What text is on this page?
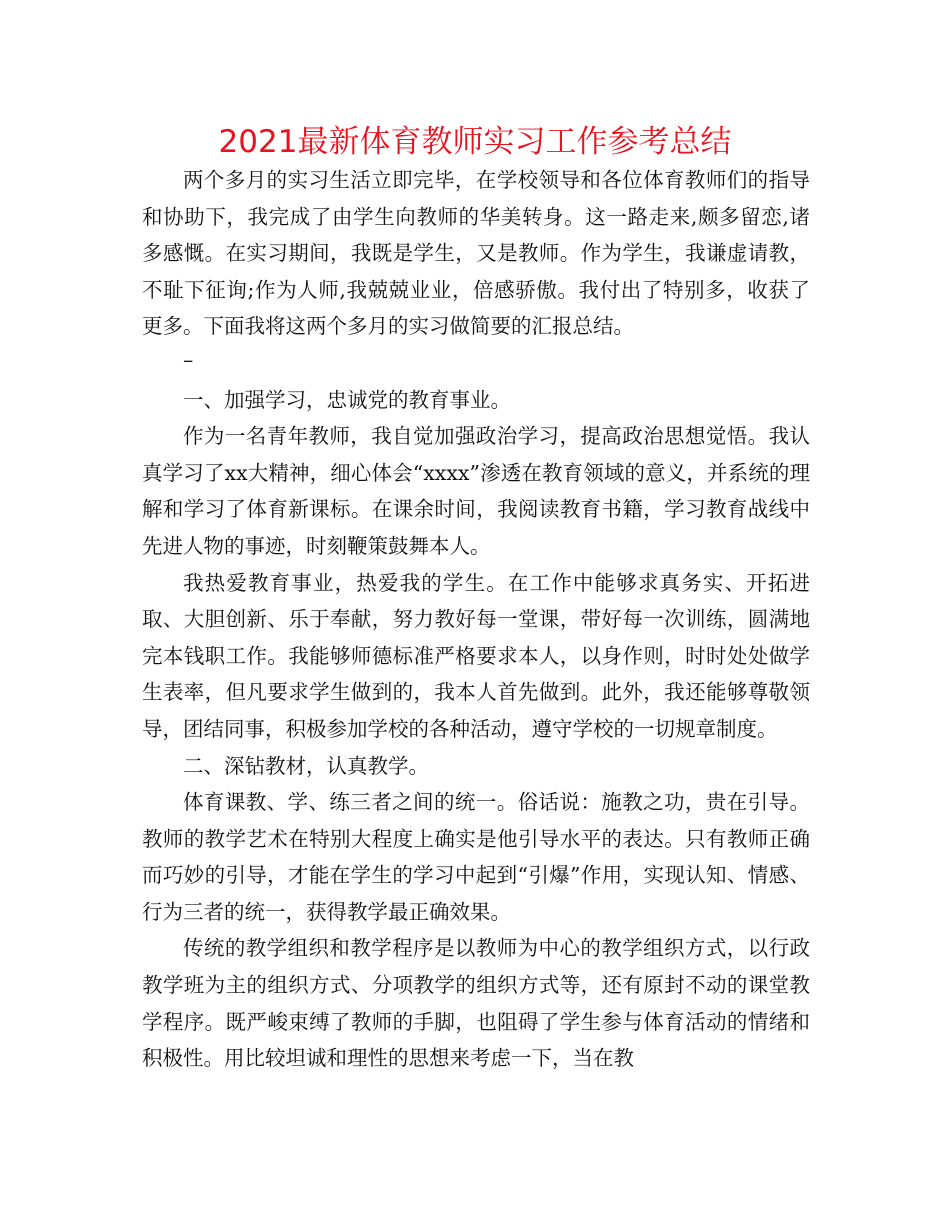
2021最新体育教师实习工作参考总结

两个多月的实习生活立即完毕，在学校领导和各位体育教师们的指导和协助下，我完成了由学生向教师的华美转身。这一路走来,颇多留恋,诸多感慨。在实习期间，我既是学生，又是教师。作为学生，我谦虚请教，不耻下征询;作为人师,我兢兢业业，倍感骄傲。我付出了特别多，收获了更多。下面我将这两个多月的实习做简要的汇报总结。

–

一、加强学习，忠诚党的教育事业。

作为一名青年教师，我自觉加强政治学习，提高政治思想觉悟。我认真学习了xx大精神，细心体会“xxxx”渗透在教育领域的意义，并系统的理解和学习了体育新课标。在课余时间，我阅读教育书籍，学习教育战线中先进人物的事迹，时刻鞭策鼓舞本人。

我热爱教育事业，热爱我的学生。在工作中能够求真务实、开拓进取、大胆创新、乐于奉献，努力教好每一堂课，带好每一次训练，圆满地完本钱职工作。我能够师德标准严格要求本人，以身作则，时时处处做学生表率，但凡要求学生做到的，我本人首先做到。此外，我还能够尊敬领导，团结同事，积极参加学校的各种活动，遵守学校的一切规章制度。

二、深钻教材，认真教学。

体育课教、学、练三者之间的统一。俗话说：施教之功，贵在引导。教师的教学艺术在特别大程度上确实是他引导水平的表达。只有教师正确而巧妙的引导，才能在学生的学习中起到“引爆”作用，实现认知、情感、行为三者的统一，获得教学最正确效果。

传统的教学组织和教学程序是以教师为中心的教学组织方式，以行政教学班为主的组织方式、分项教学的组织方式等，还有原封不动的课堂教学程序。既严峻束缚了教师的手脚，也阻碍了学生参与体育活动的情绪和积极性。用比较坦诚和理性的思想来考虑一下，当在教
